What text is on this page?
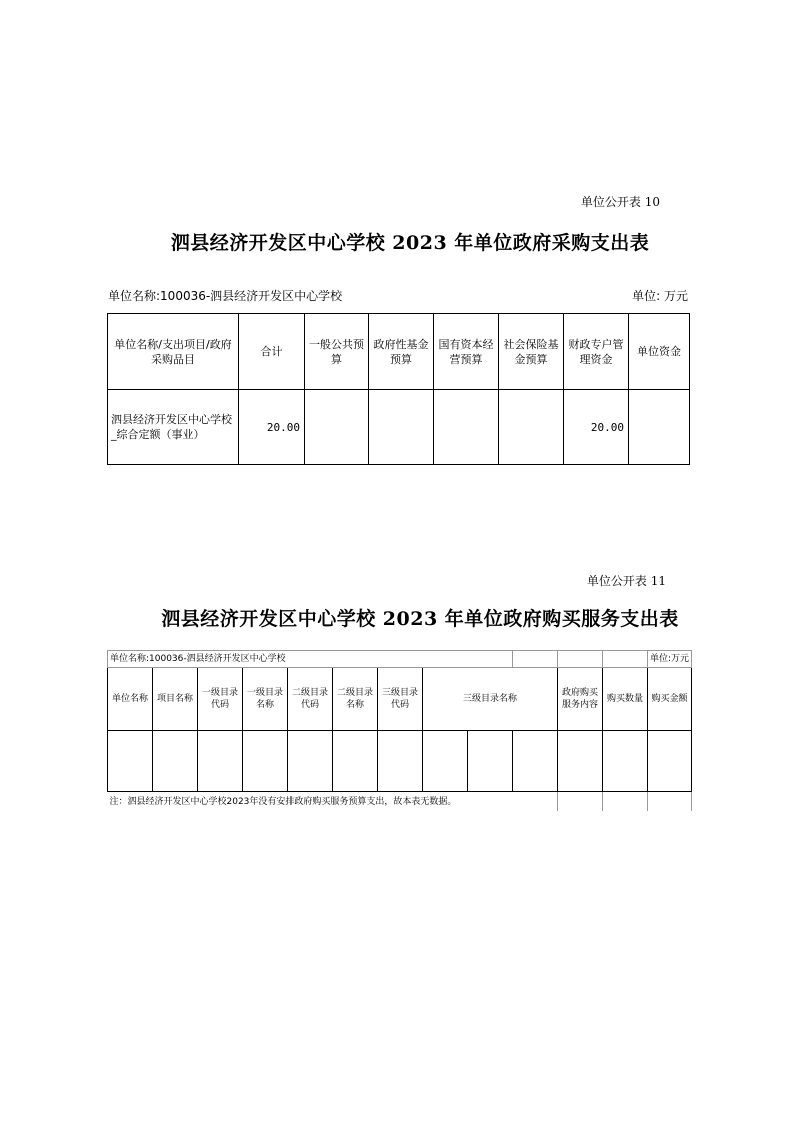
单位公开表 10
泗县经济开发区中心学校 2023 年单位政府采购支出表
单位名称:100036-泗县经济开发区中心学校	单位: 万元
单位名称/支出项目/政府采购品目	合计	一般公共预算	政府性基金预算	国有资本经营预算	社会保险基金预算	财政专户管理资金	单位资金
泗县经济开发区中心学校_综合定额（事业）	20.00					20.00	
单位公开表 11
泗县经济开发区中心学校 2023 年单位政府购买服务支出表
单位名称:100036-泗县经济开发区中心学校												单位:万元
单位名称	项目名称	一级目录代码	一级目录名称	二级目录代码	二级目录名称	三级目录代码	三级目录名称			政府购买服务内容	购买数量	购买金额

注：泗县经济开发区中心学校2023年没有安排政府购买服务预算支出，故本表无数据。												
